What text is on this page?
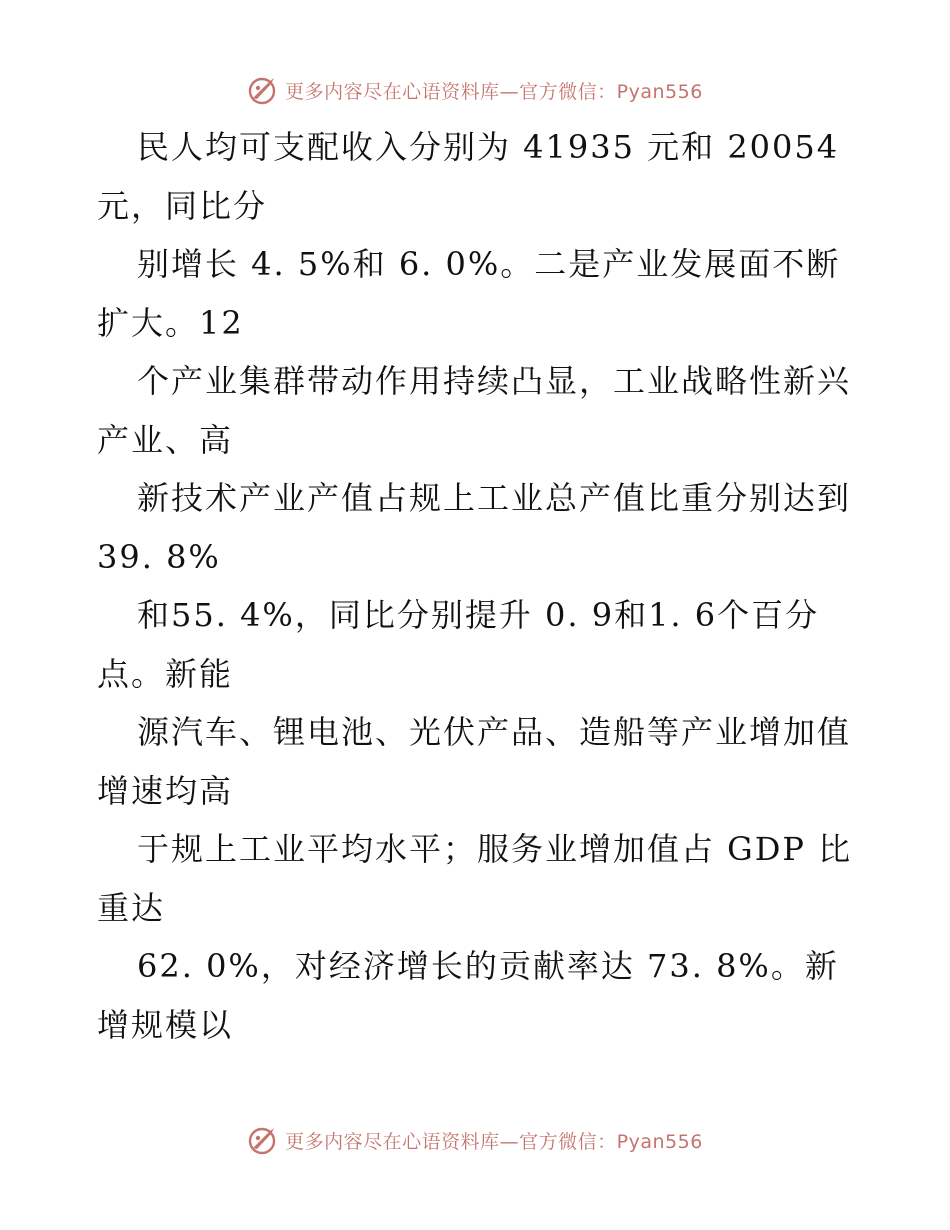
更多内容尽在心语资料库—官方微信：Pyan556
民人均可支配收入分别为 41935 元和 20054
元，同比分
别增长 4. 5%和 6. 0%。二是产业发展面不断
扩大。12
个产业集群带动作用持续凸显，工业战略性新兴
产业、高
新技术产业产值占规上工业总产值比重分别达到
39. 8%
和55. 4%，同比分别提升 0. 9和1. 6个百分
点。新能
源汽车、锂电池、光伏产品、造船等产业增加值
增速均高
于规上工业平均水平；服务业增加值占 GDP 比
重达
62. 0%，对经济增长的贡献率达 73. 8%。新
增规模以
更多内容尽在心语资料库—官方微信：Pyan556
